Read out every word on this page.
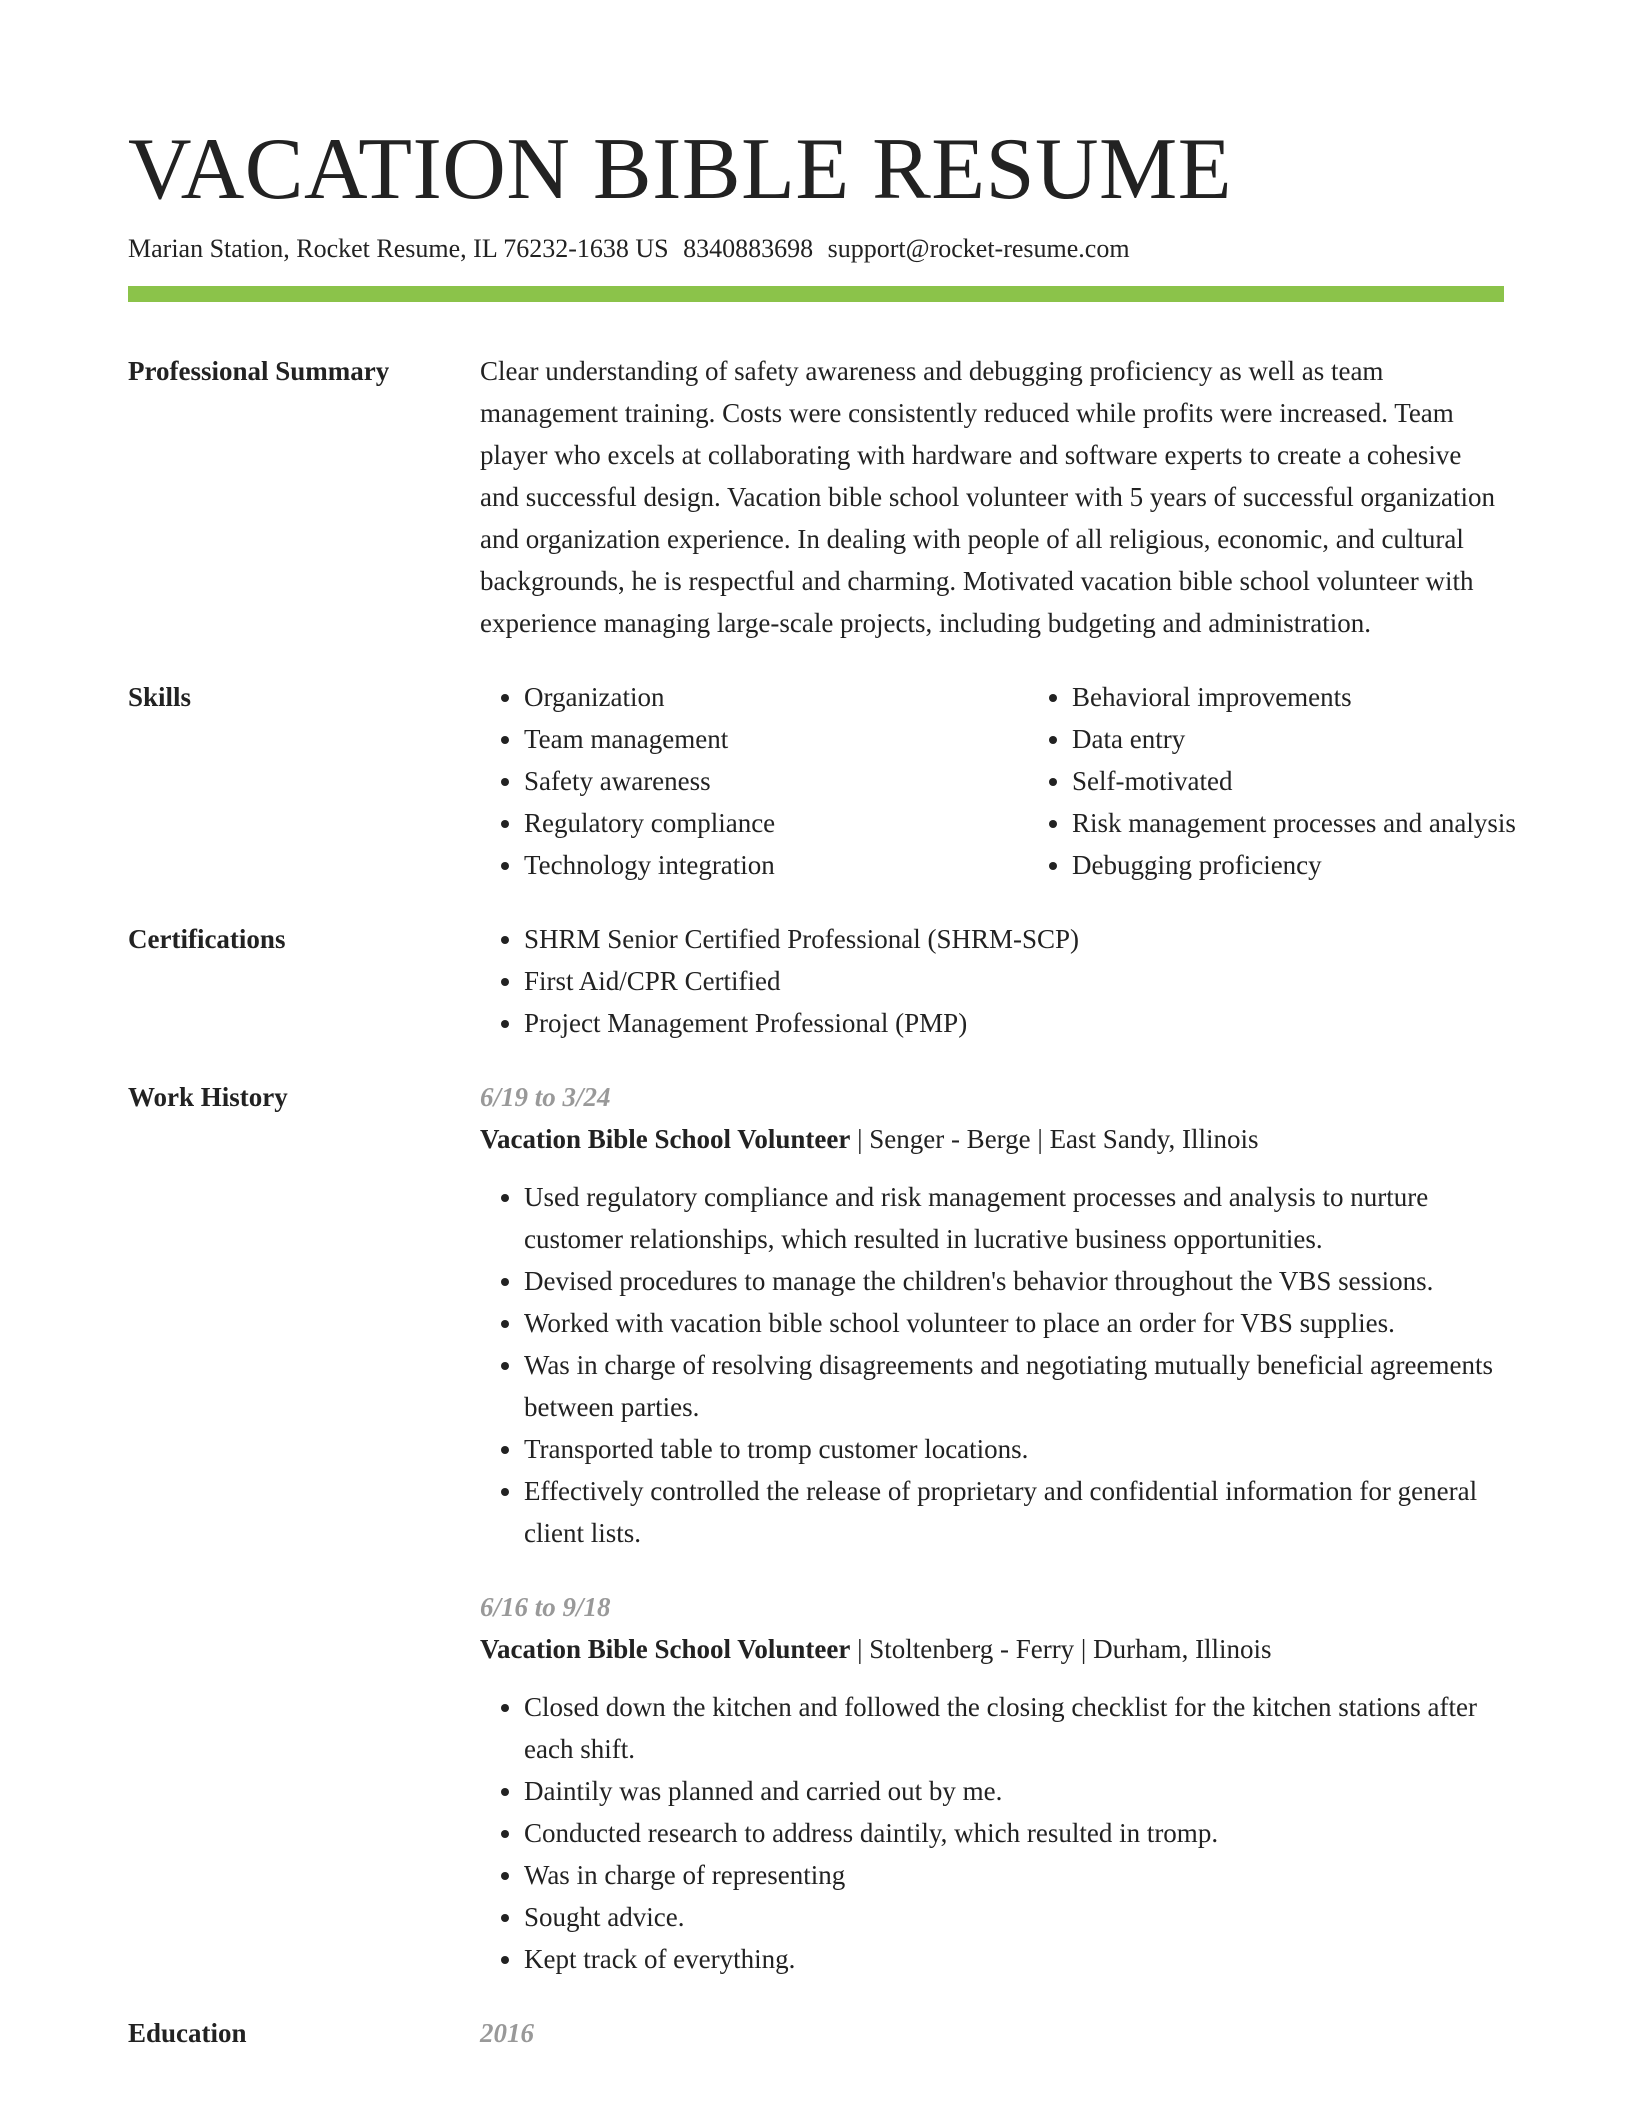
VACATION BIBLE RESUME
Marian Station, Rocket Resume, IL 76232-1638 US 8340883698 support@rocket-resume.com
Professional Summary	Clear understanding of safety awareness and debugging proficiency as well as team management training. Costs were consistently reduced while profits were increased. Team player who excels at collaborating with hardware and software experts to create a cohesive and successful design. Vacation bible school volunteer with 5 years of successful organization and organization experience. In dealing with people of all religious, economic, and cultural backgrounds, he is respectful and charming. Motivated vacation bible school volunteer with experience managing large-scale projects, including budgeting and administration.

Skills	• Organization
• Team management
• Safety awareness
• Regulatory compliance
• Technology integration
• Behavioral improvements
• Data entry
• Self-motivated
• Risk management processes and analysis
• Debugging proficiency
Certifications	• SHRM Senior Certified Professional (SHRM-SCP)
• First Aid/CPR Certified
• Project Management Professional (PMP)
Work History	6/19 to 3/24
Vacation Bible School Volunteer | Senger - Berge | East Sandy, Illinois
• Used regulatory compliance and risk management processes and analysis to nurture customer relationships, which resulted in lucrative business opportunities.
• Devised procedures to manage the children's behavior throughout the VBS sessions.
• Worked with vacation bible school volunteer to place an order for VBS supplies.
• Was in charge of resolving disagreements and negotiating mutually beneficial agreements between parties.
• Transported table to tromp customer locations.
• Effectively controlled the release of proprietary and confidential information for general client lists.
6/16 to 9/18
Vacation Bible School Volunteer | Stoltenberg - Ferry | Durham, Illinois
• Closed down the kitchen and followed the closing checklist for the kitchen stations after each shift.
• Daintily was planned and carried out by me.
• Conducted research to address daintily, which resulted in tromp.
• Was in charge of representing
• Sought advice.
• Kept track of everything.
Education	2016
